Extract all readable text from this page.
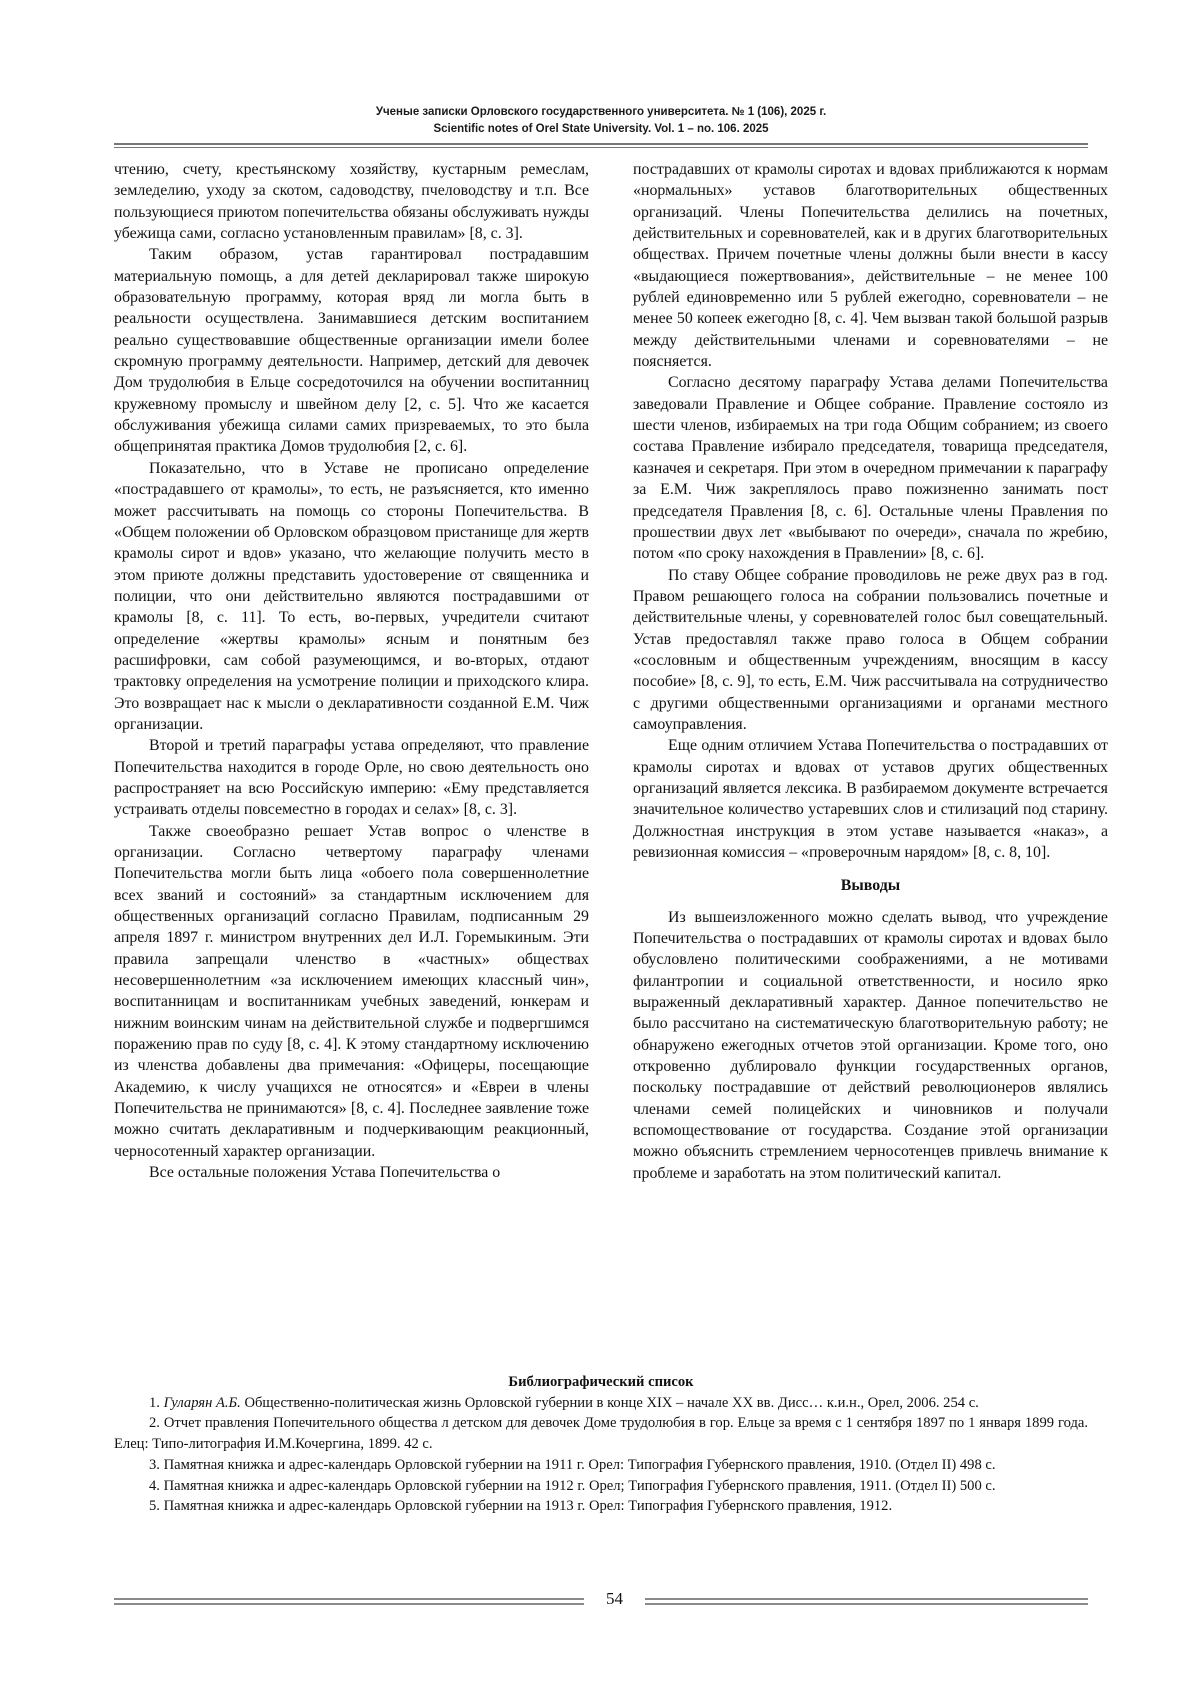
Ученые записки Орловского государственного университета. № 1 (106), 2025 г.
Scientific notes of Orel State University. Vol. 1 – no. 106. 2025

чтению, счету, крестьянскому хозяйству, кустарным ремеслам, земледелию, уходу за скотом, садоводству, пчеловодству и т.п. Все пользующиеся приютом попечительства обязаны обслуживать нужды убежища сами, согласно установленным правилам» [8, с. 3].

Таким образом, устав гарантировал пострадавшим материальную помощь, а для детей декларировал также широкую образовательную программу, которая вряд ли могла быть в реальности осуществлена. Занимавшиеся детским воспитанием реально существовавшие общественные организации имели более скромную программу деятельности. Например, детский для девочек Дом трудолюбия в Ельце сосредоточился на обучении воспитанниц кружевному промыслу и швейном делу [2, с. 5]. Что же касается обслуживания убежища силами самих призреваемых, то это была общепринятая практика Домов трудолюбия [2, с. 6].

Показательно, что в Уставе не прописано определение «пострадавшего от крамолы», то есть, не разъясняется, кто именно может рассчитывать на помощь со стороны Попечительства. В «Общем положении об Орловском образцовом пристанище для жертв крамолы сирот и вдов» указано, что желающие получить место в этом приюте должны представить удостоверение от священника и полиции, что они действительно являются пострадавшими от крамолы [8, с. 11]. То есть, во-первых, учредители считают определение «жертвы крамолы» ясным и понятным без расшифровки, сам собой разумеющимся, и во-вторых, отдают трактовку определения на усмотрение полиции и приходского клира. Это возвращает нас к мысли о декларативности созданной Е.М. Чиж организации.

Второй и третий параграфы устава определяют, что правление Попечительства находится в городе Орле, но свою деятельность оно распространяет на всю Российскую империю: «Ему представляется устраивать отделы повсеместно в городах и селах» [8, с. 3].

Также своеобразно решает Устав вопрос о членстве в организации. Согласно четвертому параграфу членами Попечительства могли быть лица «обоего пола совершеннолетние всех званий и состояний» за стандартным исключением для общественных организаций согласно Правилам, подписанным 29 апреля 1897 г. министром внутренних дел И.Л. Горемыкиным. Эти правила запрещали членство в «частных» обществах несовершеннолетним «за исключением имеющих классный чин», воспитанницам и воспитанникам учебных заведений, юнкерам и нижним воинским чинам на действительной службе и подвергшимся поражению прав по суду [8, с. 4]. К этому стандартному исключению из членства добавлены два примечания: «Офицеры, посещающие Академию, к числу учащихся не относятся» и «Евреи в члены Попечительства не принимаются» [8, с. 4]. Последнее заявление тоже можно считать декларативным и подчеркивающим реакционный, черносотенный характер организации.

Все остальные положения Устава Попечительства о

пострадавших от крамолы сиротах и вдовах приближаются к нормам «нормальных» уставов благотворительных общественных организаций. Члены Попечительства делились на почетных, действительных и соревнователей, как и в других благотворительных обществах. Причем почетные члены должны были внести в кассу «выдающиеся пожертвования», действительные – не менее 100 рублей единовременно или 5 рублей ежегодно, соревнователи – не менее 50 копеек ежегодно [8, с. 4]. Чем вызван такой большой разрыв между действительными членами и соревнователями – не поясняется.

Согласно десятому параграфу Устава делами Попечительства заведовали Правление и Общее собрание. Правление состояло из шести членов, избираемых на три года Общим собранием; из своего состава Правление избирало председателя, товарища председателя, казначея и секретаря. При этом в очередном примечании к параграфу за Е.М. Чиж закреплялось право пожизненно занимать пост председателя Правления [8, с. 6]. Остальные члены Правления по прошествии двух лет «выбывают по очереди», сначала по жребию, потом «по сроку нахождения в Правлении» [8, с. 6].

По ставу Общее собрание проводиловь не реже двух раз в год. Правом решающего голоса на собрании пользовались почетные и действительные члены, у соревнователей голос был совещательный. Устав предоставлял также право голоса в Общем собрании «сословным и общественным учреждениям, вносящим в кассу пособие» [8, с. 9], то есть, Е.М. Чиж рассчитывала на сотрудничество с другими общественными организациями и органами местного самоуправления.

Еще одним отличием Устава Попечительства о пострадавших от крамолы сиротах и вдовах от уставов других общественных организаций является лексика. В разбираемом документе встречается значительное количество устаревших слов и стилизаций под старину. Должностная инструкция в этом уставе называется «наказ», а ревизионная комиссия – «проверочным нарядом» [8, с. 8, 10].

Выводы

Из вышеизложенного можно сделать вывод, что учреждение Попечительства о пострадавших от крамолы сиротах и вдовах было обусловлено политическими соображениями, а не мотивами филантропии и социальной ответственности, и носило ярко выраженный декларативный характер. Данное попечительство не было рассчитано на систематическую благотворительную работу; не обнаружено ежегодных отчетов этой организации. Кроме того, оно откровенно дублировало функции государственных органов, поскольку пострадавшие от действий революционеров являлись членами семей полицейских и чиновников и получали вспомоществование от государства. Создание этой организации можно объяснить стремлением черносотенцев привлечь внимание к проблеме и заработать на этом политический капитал.

Библиографический список

1. Гуларян А.Б. Общественно-политическая жизнь Орловской губернии в конце XIX – начале XX вв. Дисс… к.и.н., Орел, 2006. 254 с.

2. Отчет правления Попечительного общества л детском для девочек Доме трудолюбия в гор. Ельце за время с 1 сентября 1897 по 1 января 1899 года. Елец: Типо-литография И.М.Кочергина, 1899. 42 с.

3. Памятная книжка и адрес-календарь Орловской губернии на 1911 г. Орел: Типография Губернского правления, 1910. (Отдел II) 498 с.

4. Памятная книжка и адрес-календарь Орловской губернии на 1912 г. Орел; Типография Губернского правления, 1911. (Отдел II) 500 с.

5. Памятная книжка и адрес-календарь Орловской губернии на 1913 г. Орел: Типография Губернского правления, 1912.

54
